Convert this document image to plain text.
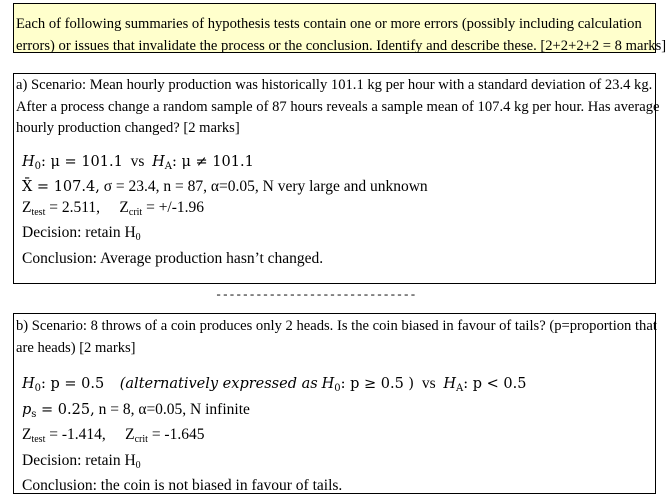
Each of following summaries of hypothesis tests contain one or more errors (possibly including calculation
errors) or issues that invalidate the process or the conclusion. Identify and describe these. [2+2+2+2 = 8 marks]
a) Scenario: Mean hourly production was historically 101.1 kg per hour with a standard deviation of 23.4 kg.
After a process change a random sample of 87 hours reveals a sample mean of 107.4 kg per hour. Has average
hourly production changed? [2 marks]
$H_0$: μ = 101.1 vs $H_A$: μ ≠ 101.1
X̄ = 107.4, σ = 23.4, n = 87, α=0.05, N very large and unknown
$Z_{test} = 2.511$, $Z_{crit} = +/-1.96$
Decision: retain $H_0$
Conclusion: Average production hasn’t changed.
------------------------------
b) Scenario: 8 throws of a coin produces only 2 heads. Is the coin biased in favour of tails? (p=proportion that
are heads) [2 marks]
$H_0$: p = 0.5 (alternatively expressed as $H_0$: p ≥ 0.5 ) vs $H_A$: p < 0.5
$p_s = 0.25$, n = 8, α=0.05, N infinite
$Z_{test} = -1.414$, $Z_{crit} = -1.645$
Decision: retain $H_0$
Conclusion: the coin is not biased in favour of tails.
